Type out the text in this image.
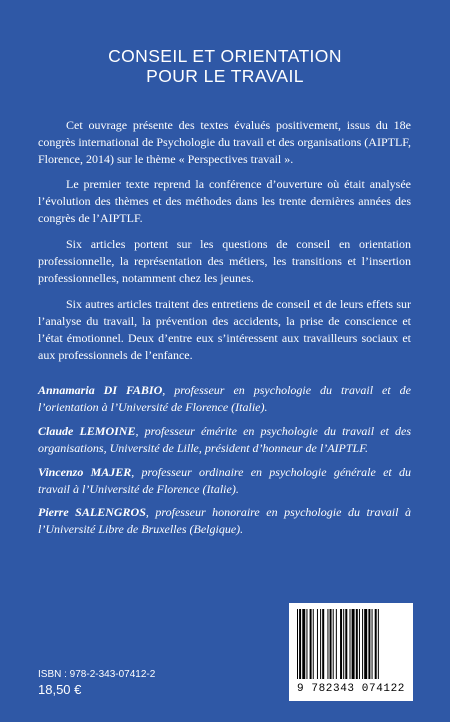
CONSEIL ET ORIENTATION
POUR LE TRAVAIL

Cet ouvrage présente des textes évalués positivement, issus du 18e congrès international de Psychologie du travail et des organisations (AIPTLF, Florence, 2014) sur le thème « Perspectives travail ».

Le premier texte reprend la conférence d’ouverture où était analysée l’évolution des thèmes et des méthodes dans les trente dernières années des congrès de l’AIPTLF.

Six articles portent sur les questions de conseil en orientation professionnelle, la représentation des métiers, les transitions et l’insertion professionnelles, notamment chez les jeunes.

Six autres articles traitent des entretiens de conseil et de leurs effets sur l’analyse du travail, la prévention des accidents, la prise de conscience et l’état émotionnel. Deux d’entre eux s’intéressent aux travailleurs sociaux et aux professionnels de l’enfance.

Annamaria DI FABIO, professeur en psychologie du travail et de l’orientation à l’Université de Florence (Italie).

Claude LEMOINE, professeur émérite en psychologie du travail et des organisations, Université de Lille, président d’honneur de l’AIPTLF.

Vincenzo MAJER, professeur ordinaire en psychologie générale et du travail à l’Université de Florence (Italie).

Pierre SALENGROS, professeur honoraire en psychologie du travail à l’Université Libre de Bruxelles (Belgique).

ISBN : 978-2-343-07412-2
18,50 €	9 782343 074122
